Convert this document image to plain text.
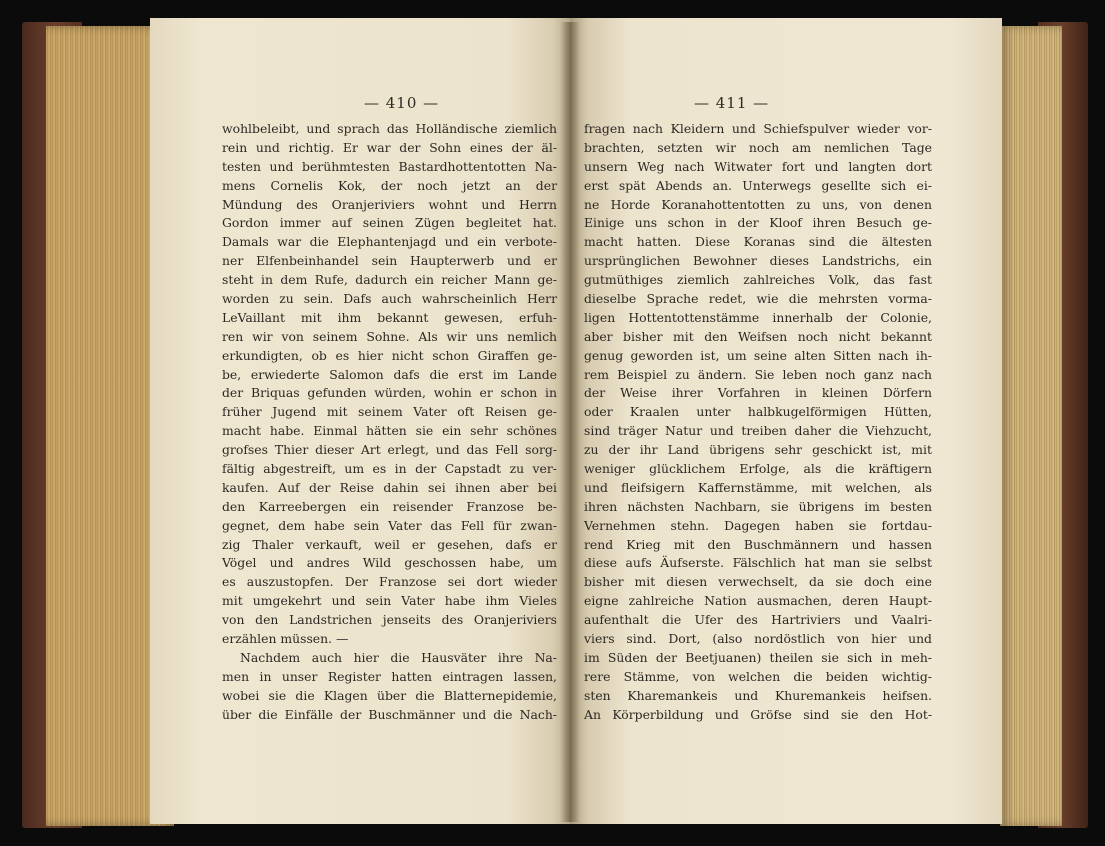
— 410 —
wohlbeleibt, und sprach das Holländische ziemlich
rein und richtig. Er war der Sohn eines der äl-
testen und berühmtesten Bastardhottentotten Na-
mens Cornelis Kok, der noch jetzt an der
Mündung des Oranjeriviers wohnt und Herrn
Gordon immer auf seinen Zügen begleitet hat.
Damals war die Elephantenjagd und ein verbote-
ner Elfenbeinhandel sein Haupterwerb und er
steht in dem Rufe, dadurch ein reicher Mann ge-
worden zu sein. Dafs auch wahrscheinlich Herr
LeVaillant mit ihm bekannt gewesen, erfuh-
ren wir von seinem Sohne. Als wir uns nemlich
erkundigten, ob es hier nicht schon Giraffen ge-
be, erwiederte Salomon dafs die erst im Lande
der Briquas gefunden würden, wohin er schon in
früher Jugend mit seinem Vater oft Reisen ge-
macht habe. Einmal hätten sie ein sehr schönes
grofses Thier dieser Art erlegt, und das Fell sorg-
fältig abgestreift, um es in der Capstadt zu ver-
kaufen. Auf der Reise dahin sei ihnen aber bei
den Karreebergen ein reisender Franzose be-
gegnet, dem habe sein Vater das Fell für zwan-
zig Thaler verkauft, weil er gesehen, dafs er
Vögel und andres Wild geschossen habe, um
es auszustopfen. Der Franzose sei dort wieder
mit umgekehrt und sein Vater habe ihm Vieles
von den Landstrichen jenseits des Oranjeriviers
erzählen müssen. —
Nachdem auch hier die Hausväter ihre Na-
men in unser Register hatten eintragen lassen,
wobei sie die Klagen über die Blatternepidemie,
über die Einfälle der Buschmänner und die Nach-
— 411 —
fragen nach Kleidern und Schiefspulver wieder vor-
brachten, setzten wir noch am nemlichen Tage
unsern Weg nach Witwater fort und langten dort
erst spät Abends an. Unterwegs gesellte sich ei-
ne Horde Koranahottentotten zu uns, von denen
Einige uns schon in der Kloof ihren Besuch ge-
macht hatten. Diese Koranas sind die ältesten
ursprünglichen Bewohner dieses Landstrichs, ein
gutmüthiges ziemlich zahlreiches Volk, das fast
dieselbe Sprache redet, wie die mehrsten vorma-
ligen Hottentottenstämme innerhalb der Colonie,
aber bisher mit den Weifsen noch nicht bekannt
genug geworden ist, um seine alten Sitten nach ih-
rem Beispiel zu ändern. Sie leben noch ganz nach
der Weise ihrer Vorfahren in kleinen Dörfern
oder Kraalen unter halbkugelförmigen Hütten,
sind träger Natur und treiben daher die Viehzucht,
zu der ihr Land übrigens sehr geschickt ist, mit
weniger glücklichem Erfolge, als die kräftigern
und fleifsigern Kaffernstämme, mit welchen, als
ihren nächsten Nachbarn, sie übrigens im besten
Vernehmen stehn. Dagegen haben sie fortdau-
rend Krieg mit den Buschmännern und hassen
diese aufs Äufserste. Fälschlich hat man sie selbst
bisher mit diesen verwechselt, da sie doch eine
eigne zahlreiche Nation ausmachen, deren Haupt-
aufenthalt die Ufer des Hartriviers und Vaalri-
viers sind. Dort, (also nordöstlich von hier und
im Süden der Beetjuanen) theilen sie sich in meh-
rere Stämme, von welchen die beiden wichtig-
sten Kharemankeis und Khuremankeis heifsen.
An Körperbildung und Gröfse sind sie den Hot-
